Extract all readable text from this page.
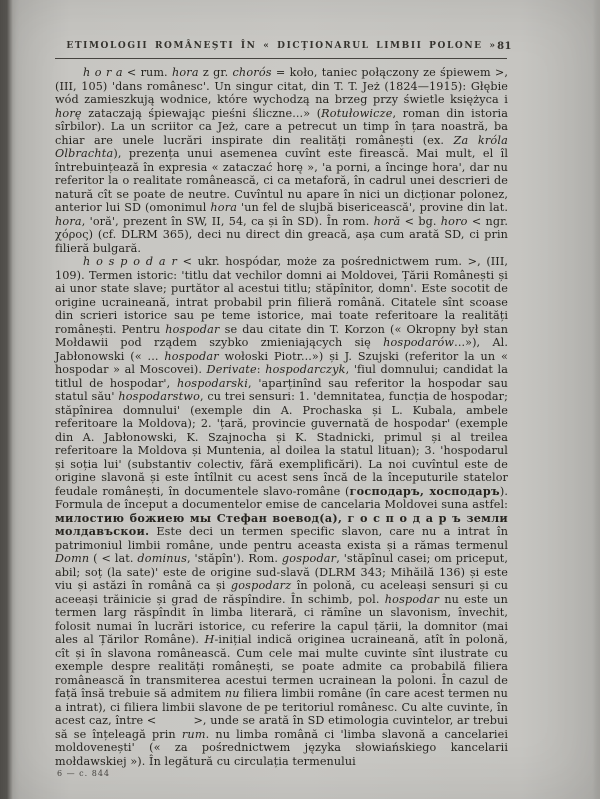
ETIMOLOGII ROMÂNEȘTI ÎN « DICȚIONARUL LIMBII POLONE » 81

h o r a < rum. hora z gr. chorós = koło, taniec połączony ze śpiewem >, (III, 105) 'dans românesc'. Un singur citat, din T. T. Jeż (1824—1915): Głębie wód zamieszkują wodnice, które wychodzą na brzeg przy świetle księżyca i horę zataczają śpiewając pieśni śliczne...» (Rotułowicze, roman din istoria sîrbilor). La un scriitor ca Jeż, care a petrecut un timp în țara noastră, ba chiar are unele lucrări inspirate din realități românești (ex. Za króla Olbrachta), prezența unui asemenea cuvînt este firească. Mai mult, el îl întrebuințează în expresia « zataczać horę », 'a porni, a încinge hora', dar nu referitor la o realitate românească, ci ca metaforă, în cadrul unei descrieri de natură cît se poate de neutre. Cuvîntul nu apare în nici un dicționar polonez, anterior lui SD (omonimul hora 'un fel de slujbă bisericească', provine din lat. hora, 'oră', prezent în SW, II, 54, ca și în SD). În rom. horă < bg. horo < ngr. χόρος) (cf. DLRM 365), deci nu direct din greacă, așa cum arată SD, ci prin filieră bulgară.

h o s p o d a r < ukr. hospódar, może za pośrednictwem rum. >, (III, 109). Termen istoric: 'titlu dat vechilor domni ai Moldovei, Țării Românești și ai unor state slave; purtător al acestui titlu; stăpînitor, domn'. Este socotit de origine ucraineană, intrat probabil prin filieră română. Citatele sînt scoase din scrieri istorice sau pe teme istorice, mai toate referitoare la realități românești. Pentru hospodar se dau citate din T. Korzon (« Okropny był stan Mołdawii pod rządem szybko zmieniających się hospodarów...»), Al. Jabłonowski (« ... hospodar wołoski Piotr...») și J. Szujski (referitor la un « hospodar » al Moscovei). Derivate: hospodarczyk, 'fiul domnului; candidat la titlul de hospodar', hospodarski, 'aparținînd sau referitor la hospodar sau statul său' hospodarstwo, cu trei sensuri: 1. 'demnitatea, funcția de hospodar; stăpînirea domnului' (exemple din A. Prochaska și L. Kubala, ambele referitoare la Moldova); 2. 'țară, provincie guvernată de hospodar' (exemple din A. Jabłonowski, K. Szajnocha și K. Stadnicki, primul și al treilea referitoare la Moldova și Muntenia, al doilea la statul lituan); 3. 'hospodarul și soția lui' (substantiv colectiv, fără exemplificări). La noi cuvîntul este de origine slavonă și este întîlnit cu acest sens încă de la începuturile statelor feudale românești, în documentele slavo-române (господаръ, хосподаръ). Formula de început a documentelor emise de cancelaria Moldovei suna astfel: милостию божиею мы Стефан воевод(а), г о с п о д а р ъ земли молдавъскои. Este deci un termen specific slavon, care nu a intrat în patrimoniul limbii române, unde pentru aceasta exista și a rămas termenul Domn ( < lat. dominus, 'stăpîn'). Rom. gospodar, 'stăpînul casei; om priceput, abil; soț (la sate)' este de origine sud-slavă (DLRM 343; Mihăilă 136) și este viu și astăzi în română ca și gospodarz în polonă, cu aceleași sensuri și cu aceeași trăinicie și grad de răspîndire. În schimb, pol. hospodar nu este un termen larg răspîndit în limba literară, ci rămîne un slavonism, învechit, folosit numai în lucrări istorice, cu referire la capul țării, la domnitor (mai ales al Țărilor Române). H-inițial indică originea ucraineană, atît în polonă, cît și în slavona românească. Cum cele mai multe cuvinte sînt ilustrate cu exemple despre realități românești, se poate admite ca probabilă filiera românească în transmiterea acestui termen ucrainean la poloni. În cazul de față însă trebuie să admitem nu filiera limbii române (în care acest termen nu a intrat), ci filiera limbii slavone de pe teritoriul românesc. Cu alte cuvinte, în acest caz, între <          >, unde se arată în SD etimologia cuvintelor, ar trebui să se înțeleagă prin rum. nu limba română ci 'limba slavonă a cancelariei moldovenești' (« za pośrednictwem języka słowiańskiego kancelarii mołdawskiej »). În legătură cu circulația termenului

6 — c. 844
